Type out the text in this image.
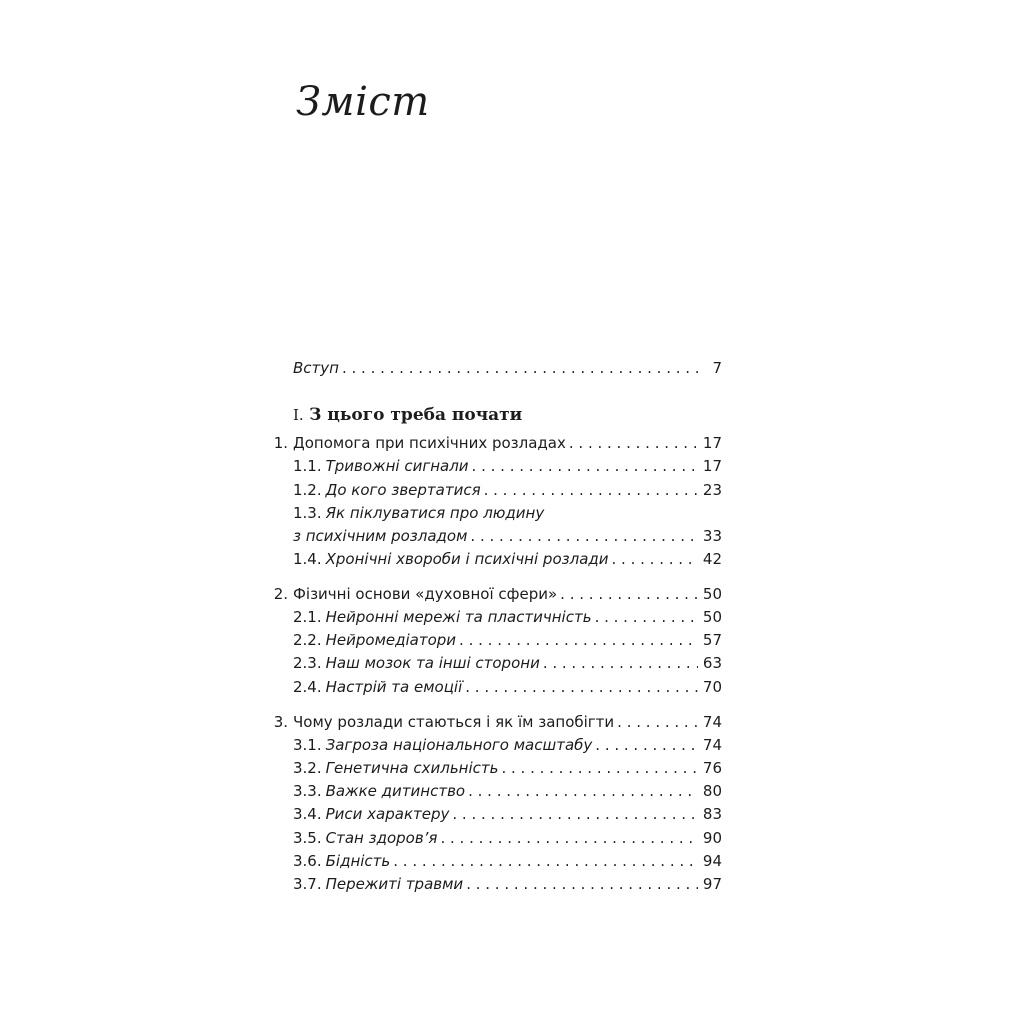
Зміст
Вступ . . .	7
I. З цього треба почати
1. Допомога при психічних розладах . . .	17
1.1. Тривожні сигнали . . .	17
1.2. До кого звертатися . . .	23
1.3. Як піклуватися про людину
з психічним розладом . . .	33
1.4. Хронічні хвороби і психічні розлади . . .	42
2. Фізичні основи «духовної сфери» . . .	50
2.1. Нейронні мережі та пластичність . . .	50
2.2. Нейромедіатори . . .	57
2.3. Наш мозок та інші сторони . . .	63
2.4. Настрій та емоції . . .	70
3. Чому розлади стаються і як їм запобігти . . .	74
3.1. Загроза національного масштабу . . .	74
3.2. Генетична схильність . . .	76
3.3. Важке дитинство . . .	80
3.4. Риси характеру . . .	83
3.5. Стан здоров’я . . .	90
3.6. Бідність . . .	94
3.7. Пережиті травми . . .	97
